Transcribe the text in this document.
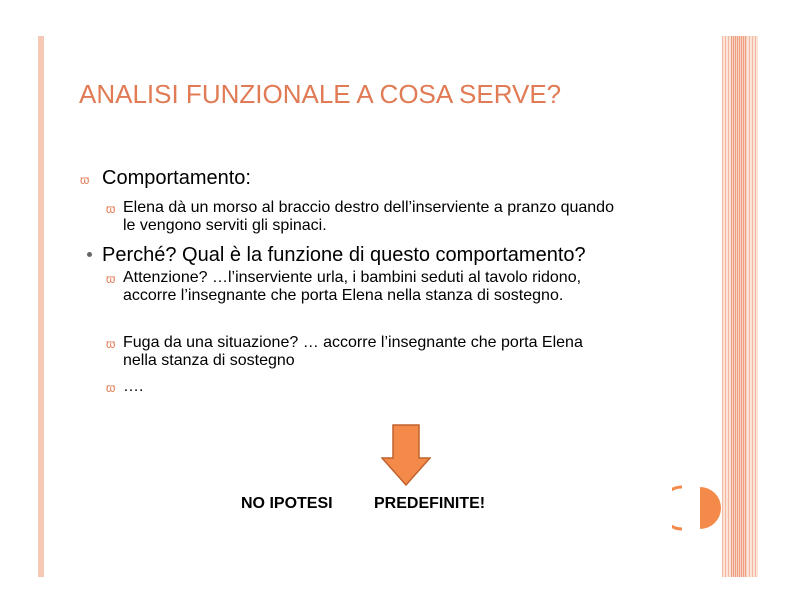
ANALISI FUNZIONALE A COSA SERVE?
ϖ Comportamento:
ϖ Elena dà un morso al braccio destro dell’inserviente a pranzo quando le vengono serviti gli spinaci.
Perché? Qual è la funzione di questo comportamento?
ϖ Attenzione? …l’inserviente urla, i bambini seduti al tavolo ridono, accorre l’insegnante che porta Elena nella stanza di sostegno.
ϖ Fuga da una situazione? … accorre l’insegnante che porta Elena nella stanza di sostegno
ϖ ….
NO IPOTESI	PREDEFINITE!
